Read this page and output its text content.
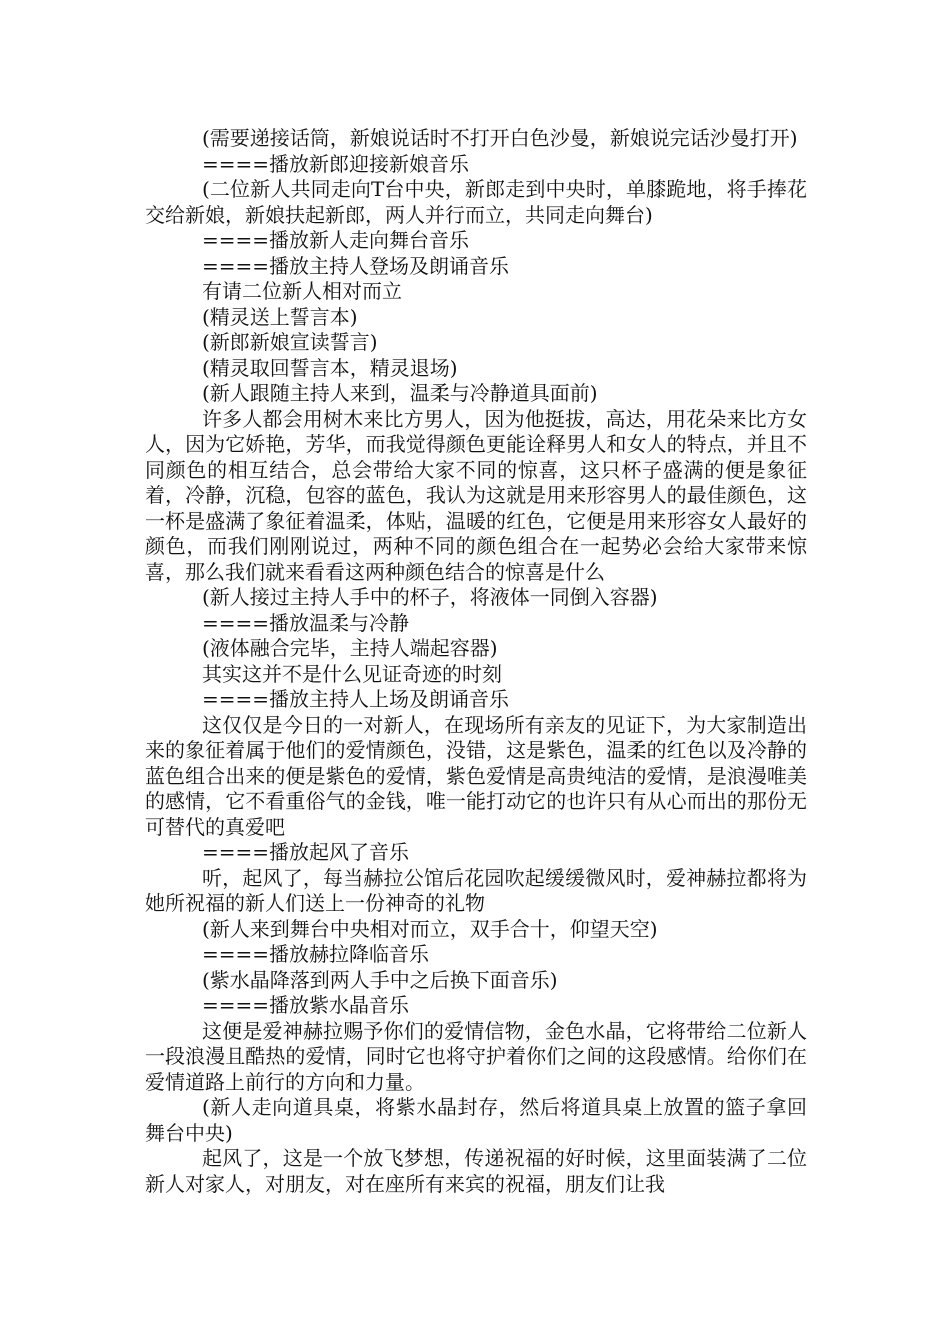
(需要递接话筒，新娘说话时不打开白色沙曼，新娘说完话沙曼打开)

====播放新郎迎接新娘音乐

(二位新人共同走向T台中央，新郎走到中央时，单膝跪地，将手捧花交给新娘，新娘扶起新郎，两人并行而立，共同走向舞台)

====播放新人走向舞台音乐

====播放主持人登场及朗诵音乐

有请二位新人相对而立

(精灵送上誓言本)

(新郎新娘宣读誓言)

(精灵取回誓言本，精灵退场)

(新人跟随主持人来到，温柔与冷静道具面前)

许多人都会用树木来比方男人，因为他挺拔，高达，用花朵来比方女人，因为它娇艳，芳华，而我觉得颜色更能诠释男人和女人的特点，并且不同颜色的相互结合，总会带给大家不同的惊喜，这只杯子盛满的便是象征着，冷静，沉稳，包容的蓝色，我认为这就是用来形容男人的最佳颜色，这一杯是盛满了象征着温柔，体贴，温暖的红色，它便是用来形容女人最好的颜色，而我们刚刚说过，两种不同的颜色组合在一起势必会给大家带来惊喜，那么我们就来看看这两种颜色结合的惊喜是什么

(新人接过主持人手中的杯子，将液体一同倒入容器)

====播放温柔与冷静

(液体融合完毕，主持人端起容器)

其实这并不是什么见证奇迹的时刻

====播放主持人上场及朗诵音乐

这仅仅是今日的一对新人，在现场所有亲友的见证下，为大家制造出来的象征着属于他们的爱情颜色，没错，这是紫色，温柔的红色以及冷静的蓝色组合出来的便是紫色的爱情，紫色爱情是高贵纯洁的爱情，是浪漫唯美的感情，它不看重俗气的金钱，唯一能打动它的也许只有从心而出的那份无可替代的真爱吧

====播放起风了音乐

听，起风了，每当赫拉公馆后花园吹起缓缓微风时，爱神赫拉都将为她所祝福的新人们送上一份神奇的礼物

(新人来到舞台中央相对而立，双手合十，仰望天空)

====播放赫拉降临音乐

(紫水晶降落到两人手中之后换下面音乐)

====播放紫水晶音乐

这便是爱神赫拉赐予你们的爱情信物，金色水晶，它将带给二位新人一段浪漫且酷热的爱情，同时它也将守护着你们之间的这段感情。给你们在爱情道路上前行的方向和力量。

(新人走向道具桌，将紫水晶封存，然后将道具桌上放置的篮子拿回舞台中央)

起风了，这是一个放飞梦想，传递祝福的好时候，这里面装满了二位新人对家人，对朋友，对在座所有来宾的祝福，朋友们让我
